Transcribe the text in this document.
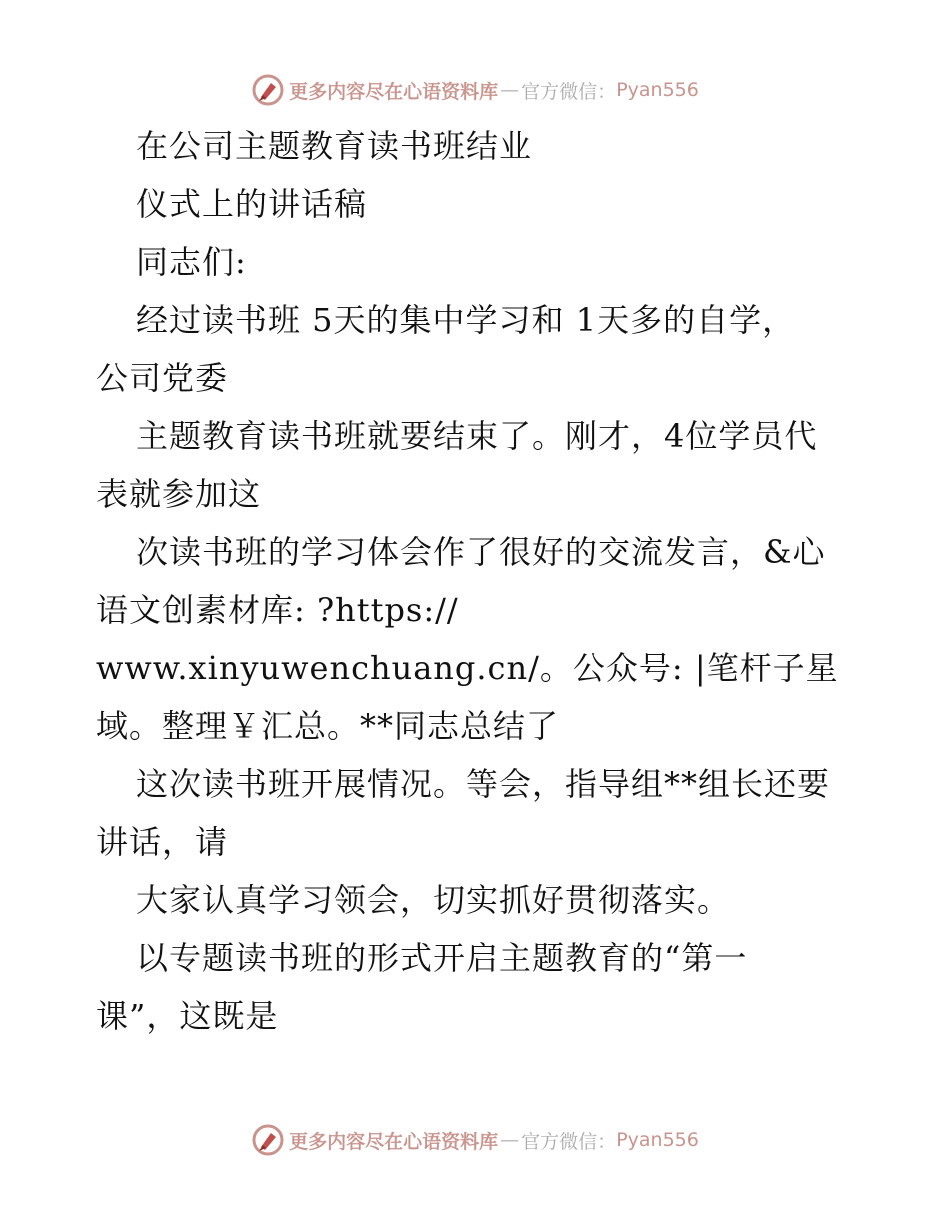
更多内容尽在心语资料库 — 官方微信： Pyan556
在公司主题教育读书班结业
仪式上的讲话稿
同志们:
经过读书班 5天的集中学习和 1天多的自学，
公司党委
主题教育读书班就要结束了。刚才，4位学员代
表就参加这
次读书班的学习体会作了很好的交流发言，&心
语文创素材库: ?https://
www.xinyuwenchuang.cn/。公众号: |笔杆子星
域。整理￥汇总。**同志总结了
这次读书班开展情况。等会，指导组**组长还要
讲话，请
大家认真学习领会，切实抓好贯彻落实。
以专题读书班的形式开启主题教育的“第一
课”，这既是
更多内容尽在心语资料库 — 官方微信： Pyan556
